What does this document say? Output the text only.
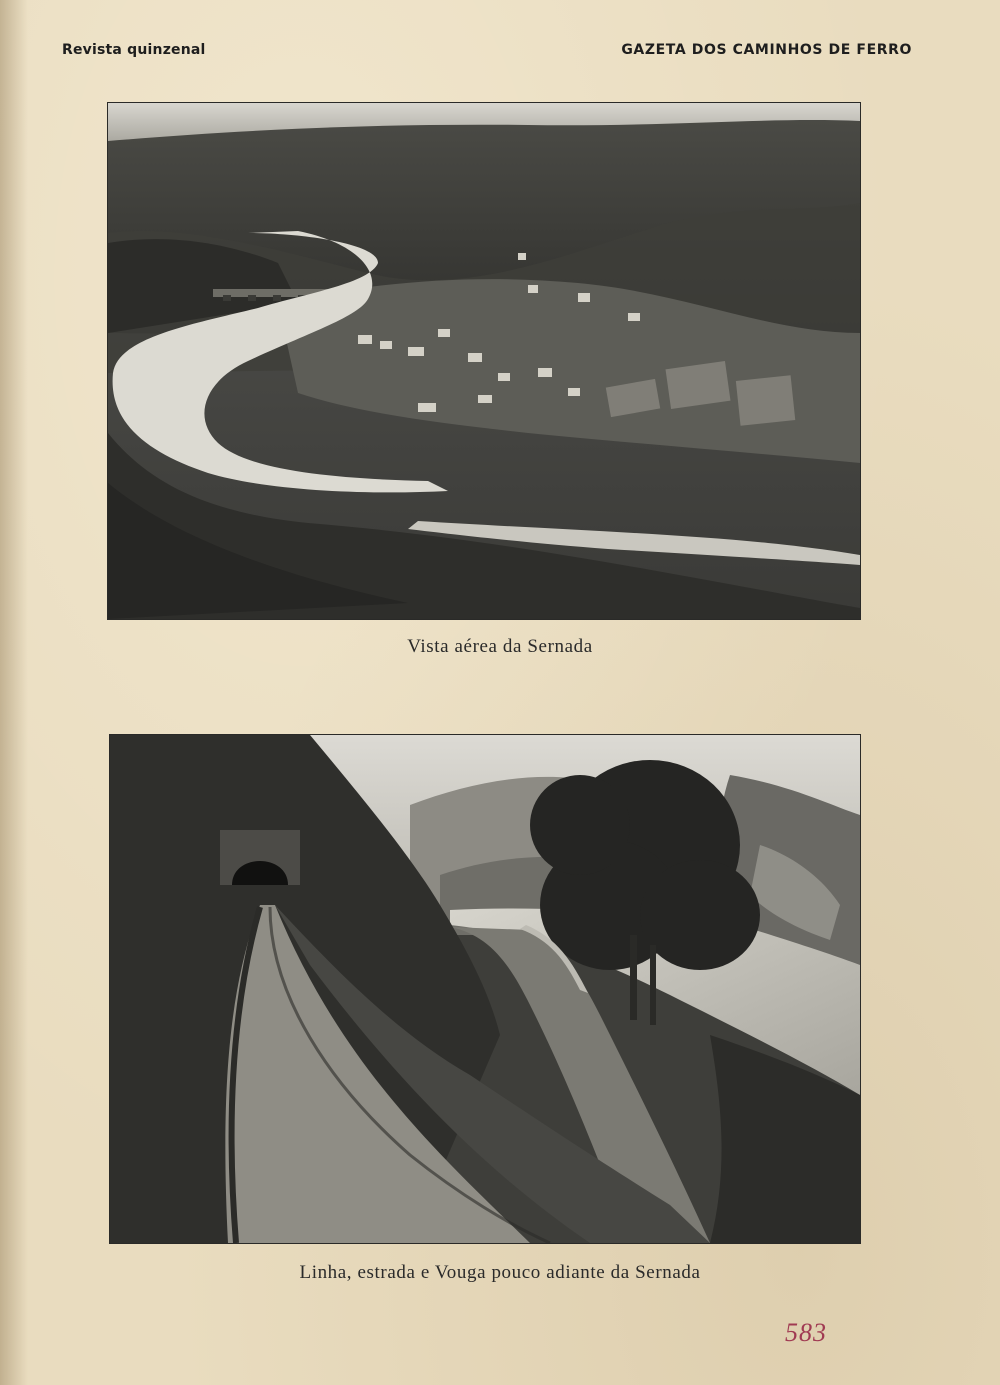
Revista quinzenal	GAZETA DOS CAMINHOS DE FERRO
Vista aérea da Sernada
Linha, estrada e Vouga pouco adiante da Sernada
583
